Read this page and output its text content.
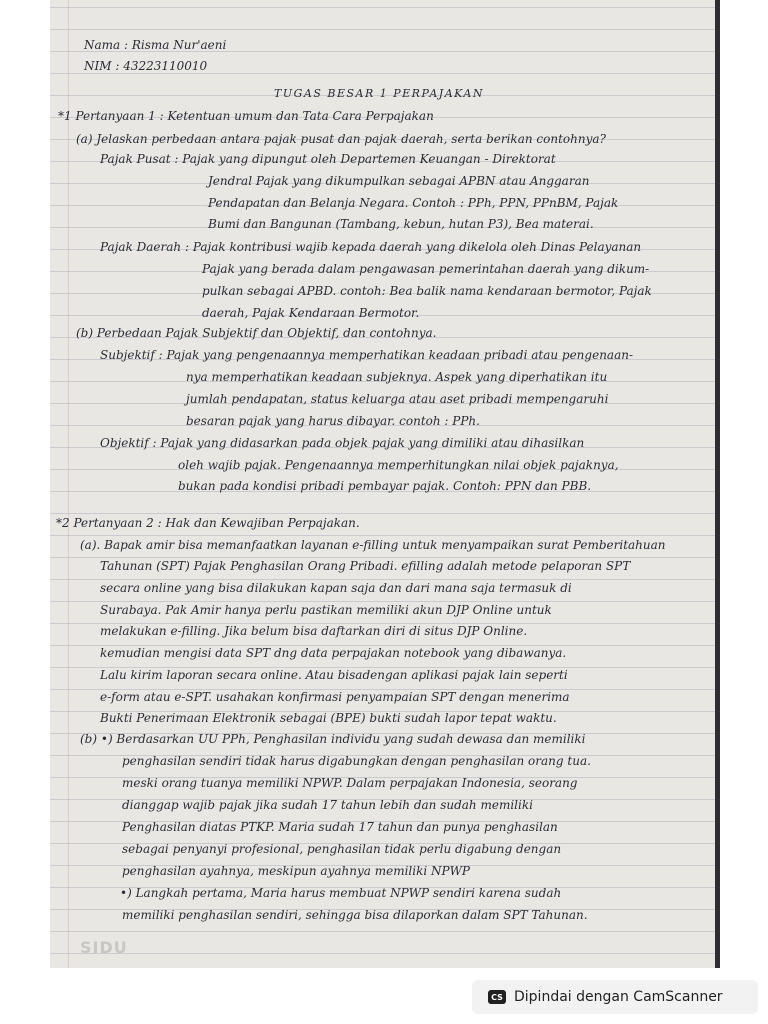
Nama : Risma Nur'aeni
NIM : 43223110010
TUGAS BESAR 1 PERPAJAKAN
*1 Pertanyaan 1 : Ketentuan umum dan Tata Cara Perpajakan
(a) Jelaskan perbedaan antara pajak pusat dan pajak daerah, serta berikan contohnya?
Pajak Pusat : Pajak yang dipungut oleh Departemen Keuangan - Direktorat
Jendral Pajak yang dikumpulkan sebagai APBN atau Anggaran
Pendapatan dan Belanja Negara. Contoh : PPh, PPN, PPnBM, Pajak
Bumi dan Bangunan (Tambang, kebun, hutan P3), Bea materai.
Pajak Daerah : Pajak kontribusi wajib kepada daerah yang dikelola oleh Dinas Pelayanan
Pajak yang berada dalam pengawasan pemerintahan daerah yang dikum-
pulkan sebagai APBD. contoh: Bea balik nama kendaraan bermotor, Pajak
daerah, Pajak Kendaraan Bermotor.
(b) Perbedaan Pajak Subjektif dan Objektif, dan contohnya.
Subjektif : Pajak yang pengenaannya memperhatikan keadaan pribadi atau pengenaan-
nya memperhatikan keadaan subjeknya. Aspek yang diperhatikan itu
jumlah pendapatan, status keluarga atau aset pribadi mempengaruhi
besaran pajak yang harus dibayar. contoh : PPh.
Objektif : Pajak yang didasarkan pada objek pajak yang dimiliki atau dihasilkan
oleh wajib pajak. Pengenaannya memperhitungkan nilai objek pajaknya,
bukan pada kondisi pribadi pembayar pajak. Contoh: PPN dan PBB.
*2 Pertanyaan 2 : Hak dan Kewajiban Perpajakan.
(a). Bapak amir bisa memanfaatkan layanan e-filling untuk menyampaikan surat Pemberitahuan
Tahunan (SPT) Pajak Penghasilan Orang Pribadi. efilling adalah metode pelaporan SPT
secara online yang bisa dilakukan kapan saja dan dari mana saja termasuk di
Surabaya. Pak Amir hanya perlu pastikan memiliki akun DJP Online untuk
melakukan e-filling. Jika belum bisa daftarkan diri di situs DJP Online.
kemudian mengisi data SPT dng data perpajakan notebook yang dibawanya.
Lalu kirim laporan secara online. Atau bisadengan aplikasi pajak lain seperti
e-form atau e-SPT. usahakan konfirmasi penyampaian SPT dengan menerima
Bukti Penerimaan Elektronik sebagai (BPE) bukti sudah lapor tepat waktu.
(b) •) Berdasarkan UU PPh, Penghasilan individu yang sudah dewasa dan memiliki
penghasilan sendiri tidak harus digabungkan dengan penghasilan orang tua.
meski orang tuanya memiliki NPWP. Dalam perpajakan Indonesia, seorang
dianggap wajib pajak jika sudah 17 tahun lebih dan sudah memiliki
Penghasilan diatas PTKP. Maria sudah 17 tahun dan punya penghasilan
sebagai penyanyi profesional, penghasilan tidak perlu digabung dengan
penghasilan ayahnya, meskipun ayahnya memiliki NPWP
•) Langkah pertama, Maria harus membuat NPWP sendiri karena sudah
memiliki penghasilan sendiri, sehingga bisa dilaporkan dalam SPT Tahunan.
SIDU
CS Dipindai dengan CamScanner
